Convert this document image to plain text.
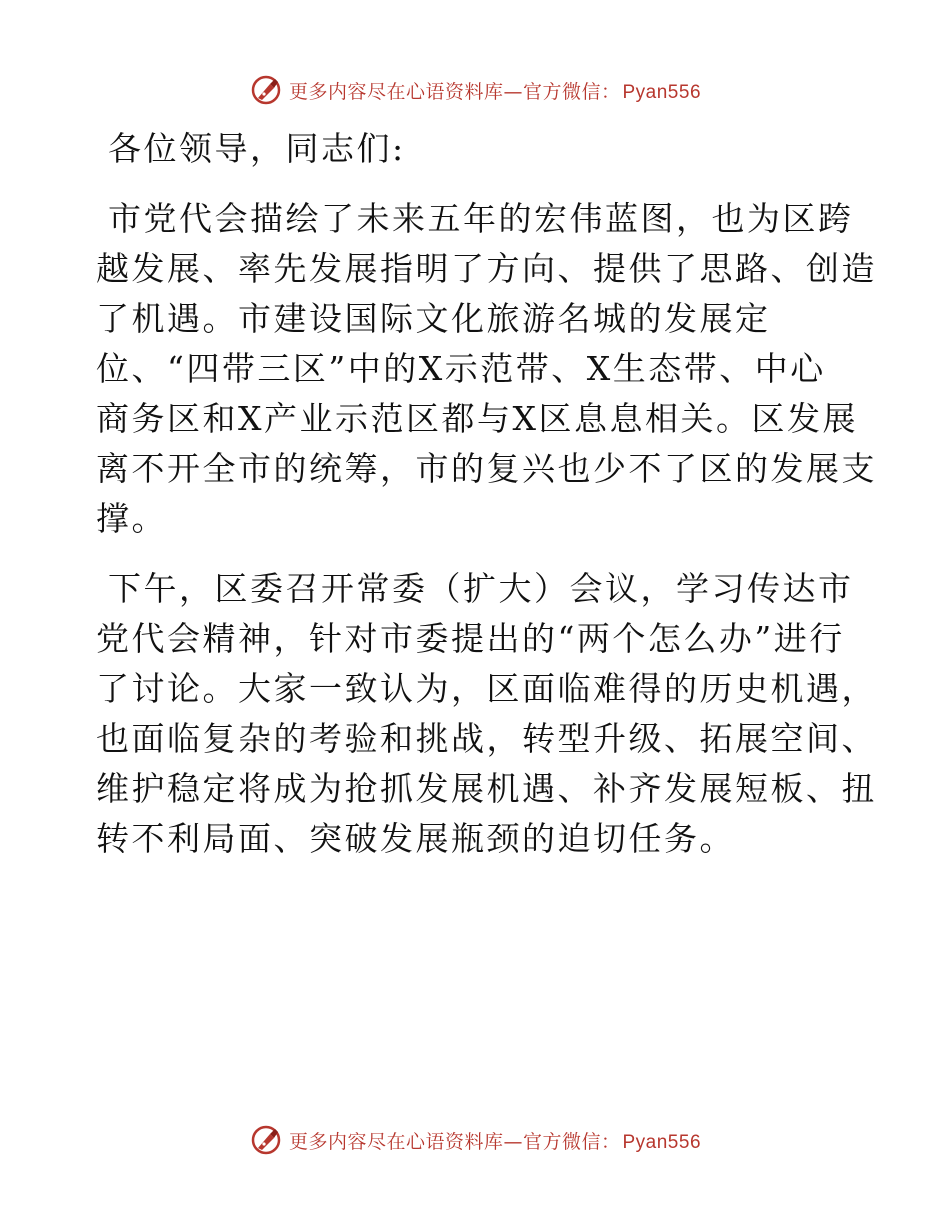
更多内容尽在心语资料库—官方微信： Pyan556
各位领导，同志们:
市党代会描绘了未来五年的宏伟蓝图，也为区跨
越发展、率先发展指明了方向、提供了思路、创造
了机遇。市建设国际文化旅游名城的发展定
位、“四带三区”中的X示范带、X生态带、中心
商务区和X产业示范区都与X区息息相关。区发展
离不开全市的统筹，市的复兴也少不了区的发展支
撑。
下午，区委召开常委（扩大）会议，学习传达市
党代会精神，针对市委提出的“两个怎么办”进行
了讨论。大家一致认为，区面临难得的历史机遇，
也面临复杂的考验和挑战，转型升级、拓展空间、
维护稳定将成为抢抓发展机遇、补齐发展短板、扭
转不利局面、突破发展瓶颈的迫切任务。
更多内容尽在心语资料库—官方微信： Pyan556
